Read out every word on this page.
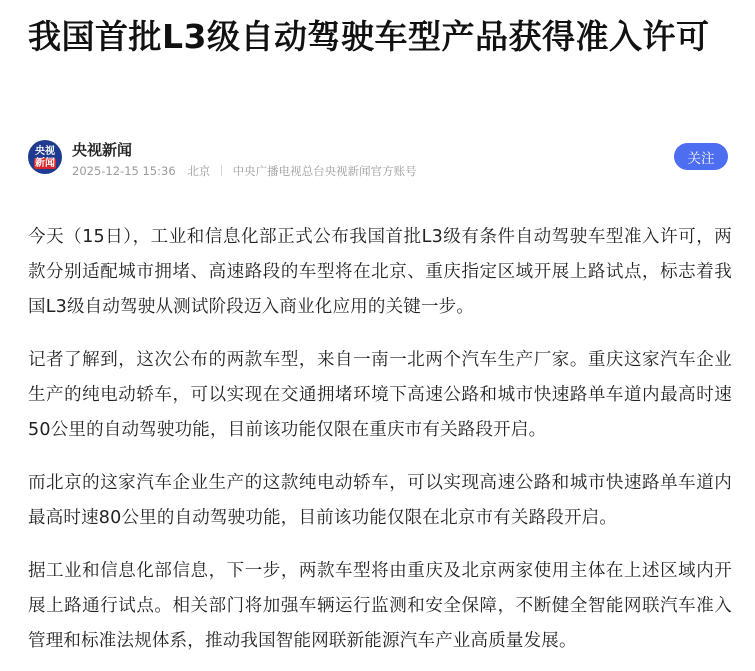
我国首批L3级自动驾驶车型产品获得准入许可
央视
新闻
央视新闻
2025-12-15 15:36 北京 中央广播电视总台央视新闻官方账号
关注

今天（15日），工业和信息化部正式公布我国首批L3级有条件自动驾驶车型准入许可，两款分别适配城市拥堵、高速路段的车型将在北京、重庆指定区域开展上路试点，标志着我国L3级自动驾驶从测试阶段迈入商业化应用的关键一步。

记者了解到，这次公布的两款车型，来自一南一北两个汽车生产厂家。重庆这家汽车企业生产的纯电动轿车，可以实现在交通拥堵环境下高速公路和城市快速路单车道内最高时速50公里的自动驾驶功能，目前该功能仅限在重庆市有关路段开启。

而北京的这家汽车企业生产的这款纯电动轿车，可以实现高速公路和城市快速路单车道内最高时速80公里的自动驾驶功能，目前该功能仅限在北京市有关路段开启。

据工业和信息化部信息，下一步，两款车型将由重庆及北京两家使用主体在上述区域内开展上路通行试点。相关部门将加强车辆运行监测和安全保障，不断健全智能网联汽车准入管理和标准法规体系，推动我国智能网联新能源汽车产业高质量发展。
